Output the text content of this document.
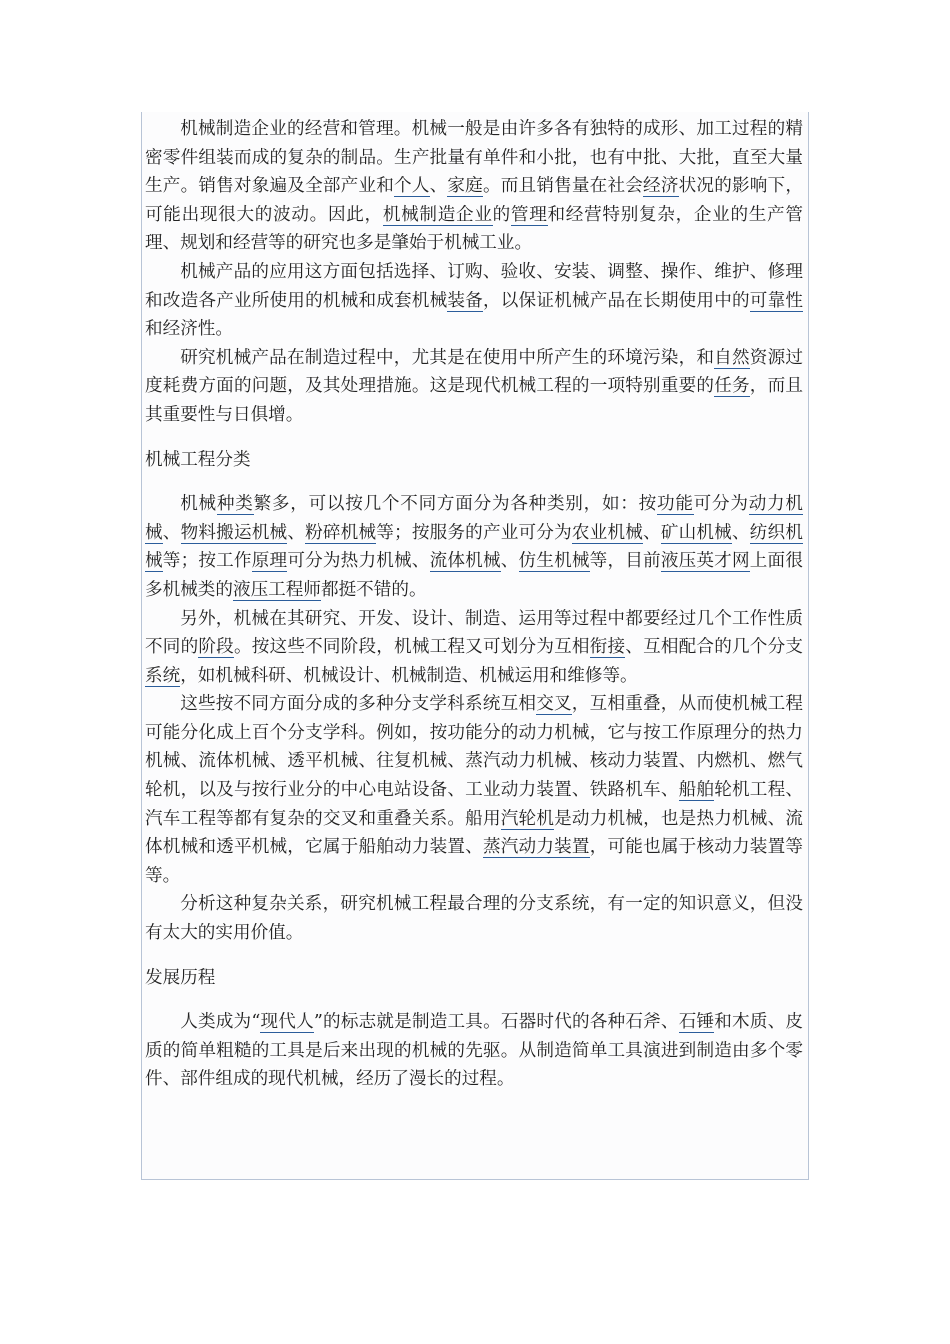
机械制造企业的经营和管理。机械一般是由许多各有独特的成形、加工过程的精密零件组装而成的复杂的制品。生产批量有单件和小批，也有中批、大批，直至大量生产。销售对象遍及全部产业和个人、家庭。而且销售量在社会经济状况的影响下，可能出现很大的波动。因此，机械制造企业的管理和经营特别复杂，企业的生产管理、规划和经营等的研究也多是肇始于机械工业。

机械产品的应用这方面包括选择、订购、验收、安装、调整、操作、维护、修理和改造各产业所使用的机械和成套机械装备，以保证机械产品在长期使用中的可靠性和经济性。

研究机械产品在制造过程中，尤其是在使用中所产生的环境污染，和自然资源过度耗费方面的问题，及其处理措施。这是现代机械工程的一项特别重要的任务，而且其重要性与日俱增。

机械工程分类

机械种类繁多，可以按几个不同方面分为各种类别，如：按功能可分为动力机械、物料搬运机械、粉碎机械等；按服务的产业可分为农业机械、矿山机械、纺织机械等；按工作原理可分为热力机械、流体机械、仿生机械等，目前液压英才网上面很多机械类的液压工程师都挺不错的。

另外，机械在其研究、开发、设计、制造、运用等过程中都要经过几个工作性质不同的阶段。按这些不同阶段，机械工程又可划分为互相衔接、互相配合的几个分支系统，如机械科研、机械设计、机械制造、机械运用和维修等。

这些按不同方面分成的多种分支学科系统互相交叉，互相重叠，从而使机械工程可能分化成上百个分支学科。例如，按功能分的动力机械，它与按工作原理分的热力机械、流体机械、透平机械、往复机械、蒸汽动力机械、核动力装置、内燃机、燃气轮机，以及与按行业分的中心电站设备、工业动力装置、铁路机车、船舶轮机工程、汽车工程等都有复杂的交叉和重叠关系。船用汽轮机是动力机械，也是热力机械、流体机械和透平机械，它属于船舶动力装置、蒸汽动力装置，可能也属于核动力装置等等。

分析这种复杂关系，研究机械工程最合理的分支系统，有一定的知识意义，但没有太大的实用价值。

发展历程

人类成为“现代人”的标志就是制造工具。石器时代的各种石斧、石锤和木质、皮质的简单粗糙的工具是后来出现的机械的先驱。从制造简单工具演进到制造由多个零件、部件组成的现代机械，经历了漫长的过程。
